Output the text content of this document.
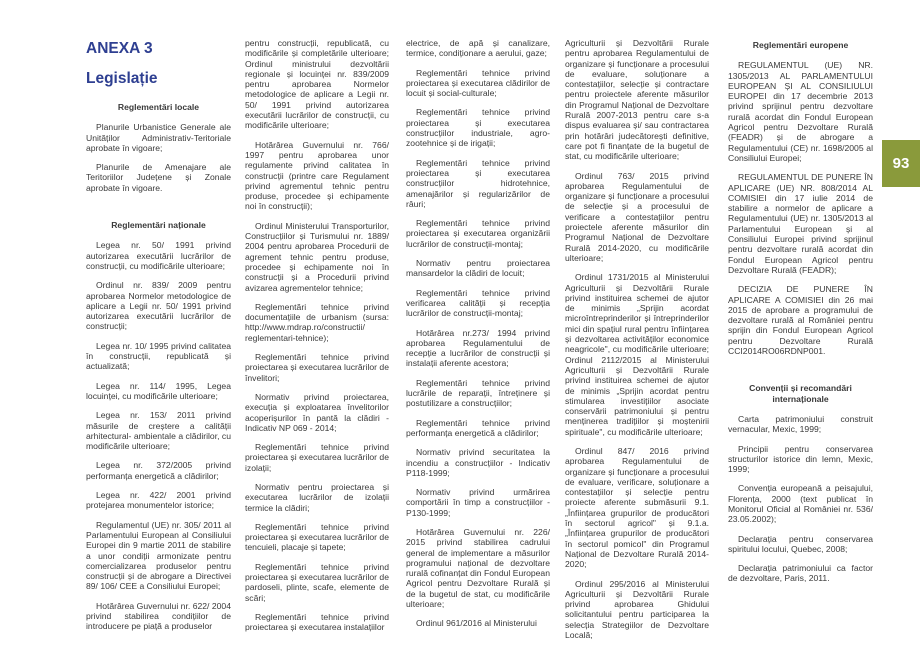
ANEXA 3
Legislație
Reglementări locale

Planurile Urbanistice Generale ale Unităților Administrativ-Teritoriale aprobate în vigoare;

Planurile de Amenajare ale Teritoriilor Județene și Zonale aprobate în vigoare.

Reglementări naționale

Legea nr. 50/ 1991 privind autorizarea executării lucrărilor de construcții, cu modificările ulterioare;

Ordinul nr. 839/ 2009 pentru aprobarea Normelor metodologice de aplicare a Legii nr. 50/ 1991 privind autorizarea executării lucrărilor de construcții;

Legea nr. 10/ 1995 privind calitatea în construcții, republicată și actualizată;

Legea nr. 114/ 1995, Legea locuinței, cu modificările ulterioare;

Legea nr. 153/ 2011 privind măsurile de creștere a calității arhitectural- ambientale a clădirilor, cu modificările ulterioare;

Legea nr. 372/2005 privind performanța energetică a clădirilor;

Legea nr. 422/ 2001 privind protejarea monumentelor istorice;

Regulamentul (UE) nr. 305/ 2011 al Parlamentului European al Consiliului Europei din 9 martie 2011 de stabilire a unor condiții armonizate pentru comercializarea produselor pentru construcții și de abrogare a Directivei 89/ 106/ CEE a Consiliului Europei;

Hotărârea Guvernului nr. 622/ 2004 privind stabilirea condițiilor de introducere pe piață a produselor

pentru construcții, republicată, cu modificările și completările ulterioare; Ordinul ministrului dezvoltării regionale și locuinței nr. 839/2009 pentru aprobarea Normelor metodologice de aplicare a Legii nr. 50/ 1991 privind autorizarea executării lucrărilor de construcții, cu modificările ulterioare;

Hotărârea Guvernului nr. 766/ 1997 pentru aprobarea unor regulamente privind calitatea în construcții (printre care Regulament privind agrementul tehnic pentru produse, procedee și echipamente noi în construcții);

Ordinul Ministerului Transporturilor, Construcțiilor și Turismului nr. 1889/ 2004 pentru aprobarea Procedurii de agrement tehnic pentru produse, procedee și echipamente noi în construcții și a Procedurii privind avizarea agrementelor tehnice;

Reglementări tehnice privind documentațiile de urbanism (sursa: http://www.mdrap.ro/constructii/ reglementari-tehnice);

Reglementări tehnice privind proiectarea și executarea lucrărilor de învelitori;

Normativ privind proiectarea, execuția și exploatarea învelitorilor acoperișurilor în pantă la clădiri - Indicativ NP 069 - 2014;

Reglementări tehnice privind proiectarea și executarea lucrărilor de izolații;

Normativ pentru proiectarea și executarea lucrărilor de izolații termice la clădiri;

Reglementări tehnice privind proiectarea și executarea lucrărilor de tencuieli, placaje și tapete;

Reglementări tehnice privind proiectarea și executarea lucrărilor de pardoseli, plinte, scafe, elemente de scări;

Reglementări tehnice privind proiectarea și executarea instalațiilor

electrice, de apă și canalizare, termice, condiționare a aerului, gaze;

Reglementări tehnice privind proiectarea și executarea clădirilor de locuit și social-culturale;

Reglementări tehnice privind proiectarea și executarea construcțiilor industriale, agro-zootehnice și de irigații;

Reglementări tehnice privind proiectarea și executarea construcțiilor hidrotehnice, amenajărilor și regularizărilor de râuri;

Reglementări tehnice privind proiectarea și executarea organizării lucrărilor de construcții-montaj;

Normativ pentru proiectarea mansardelor la clădiri de locuit;

Reglementări tehnice privind verificarea calității și recepția lucrărilor de construcții-montaj;

Hotărârea nr.273/ 1994 privind aprobarea Regulamentului de recepție a lucrărilor de construcții și instalații aferente acestora;

Reglementări tehnice privind lucrările de reparații, întreținere și postutilizare a construcțiilor;

Reglementări tehnice privind performanța energetică a clădirilor;

Normativ privind securitatea la incendiu a construcțiilor - Indicativ P118-1999;

Normativ privind urmărirea comportării în timp a construcțiilor - P130-1999;

Hotărârea Guvernului nr. 226/ 2015 privind stabilirea cadrului general de implementare a măsurilor programului național de dezvoltare rurală cofinanțat din Fondul European Agricol pentru Dezvoltare Rurală și de la bugetul de stat, cu modificările ulterioare;

Ordinul 961/2016 al Ministerului

Agriculturii și Dezvoltării Rurale pentru aprobarea Regulamentului de organizare și funcționare a procesului de evaluare, soluționare a contestațiilor, selecție și contractare pentru proiectele aferente măsurilor din Programul Național de Dezvoltare Rurală 2007-2013 pentru care s-a dispus evaluarea și/ sau contractarea prin hotărâri judecătorești definitive, care pot fi finanțate de la bugetul de stat, cu modificările ulterioare;

Ordinul 763/ 2015 privind aprobarea Regulamentului de organizare și funcționare a procesului de selecție și a procesului de verificare a contestațiilor pentru proiectele aferente măsurilor din Programul Național de Dezvoltare Rurală 2014-2020, cu modificările ulterioare;

Ordinul 1731/2015 al Ministerului Agriculturii și Dezvoltării Rurale privind instituirea schemei de ajutor de minimis „Sprijin acordat microîntreprinderilor și întreprinderilor mici din spațiul rural pentru înființarea și dezvoltarea activităților economice neagricole", cu modificările ulterioare; Ordinul 2112/2015 al Ministerului Agriculturii și Dezvoltării Rurale privind instituirea schemei de ajutor de minimis „Sprijin acordat pentru stimularea investițiilor asociate conservării patrimoniului și pentru menținerea tradițiilor și moștenirii spirituale", cu modificările ulterioare;

Ordinul 847/ 2016 privind aprobarea Regulamentului de organizare și funcționare a procesului de evaluare, verificare, soluționare a contestațiilor și selecție pentru proiecte aferente submăsurii 9.1. „Înființarea grupurilor de producători în sectorul agricol" și 9.1.a. „Înființarea grupurilor de producători în sectorul pomicol" din Programul Național de Dezvoltare Rurală 2014-2020;

Ordinul 295/2016 al Ministerului Agriculturii și Dezvoltării Rurale privind aprobarea Ghidului solicitantului pentru participarea la selecția Strategiilor de Dezvoltare Locală;

Reglementări europene

REGULAMENTUL (UE) NR. 1305/2013 AL PARLAMENTULUI EUROPEAN ȘI AL CONSILIULUI EUROPEI din 17 decembrie 2013 privind sprijinul pentru dezvoltare rurală acordat din Fondul European Agricol pentru Dezvoltare Rurală (FEADR) și de abrogare a Regulamentului (CE) nr. 1698/2005 al Consiliului Europei;

REGULAMENTUL DE PUNERE ÎN APLICARE (UE) NR. 808/2014 AL COMISIEI din 17 iulie 2014 de stabilire a normelor de aplicare a Regulamentului (UE) nr. 1305/2013 al Parlamentului European și al Consiliului Europei privind sprijinul pentru dezvoltare rurală acordat din Fondul European Agricol pentru Dezvoltare Rurală (FEADR);

DECIZIA DE PUNERE ÎN APLICARE A COMISIEI din 26 mai 2015 de aprobare a programului de dezvoltare rurală al României pentru sprijin din Fondul European Agricol pentru Dezvoltare Rurală CCI2014RO06RDNP001.

Convenții și recomandări internaționale

Carta patrimoniului construit vernacular, Mexic, 1999;

Principii pentru conservarea structurilor istorice din lemn, Mexic, 1999;

Convenția europeană a peisajului, Florența, 2000 (text publicat în Monitorul Oficial al României nr. 536/ 23.05.2002);

Declarația pentru conservarea spiritului locului, Quebec, 2008;

Declarația patrimoniului ca factor de dezvoltare, Paris, 2011.

93
